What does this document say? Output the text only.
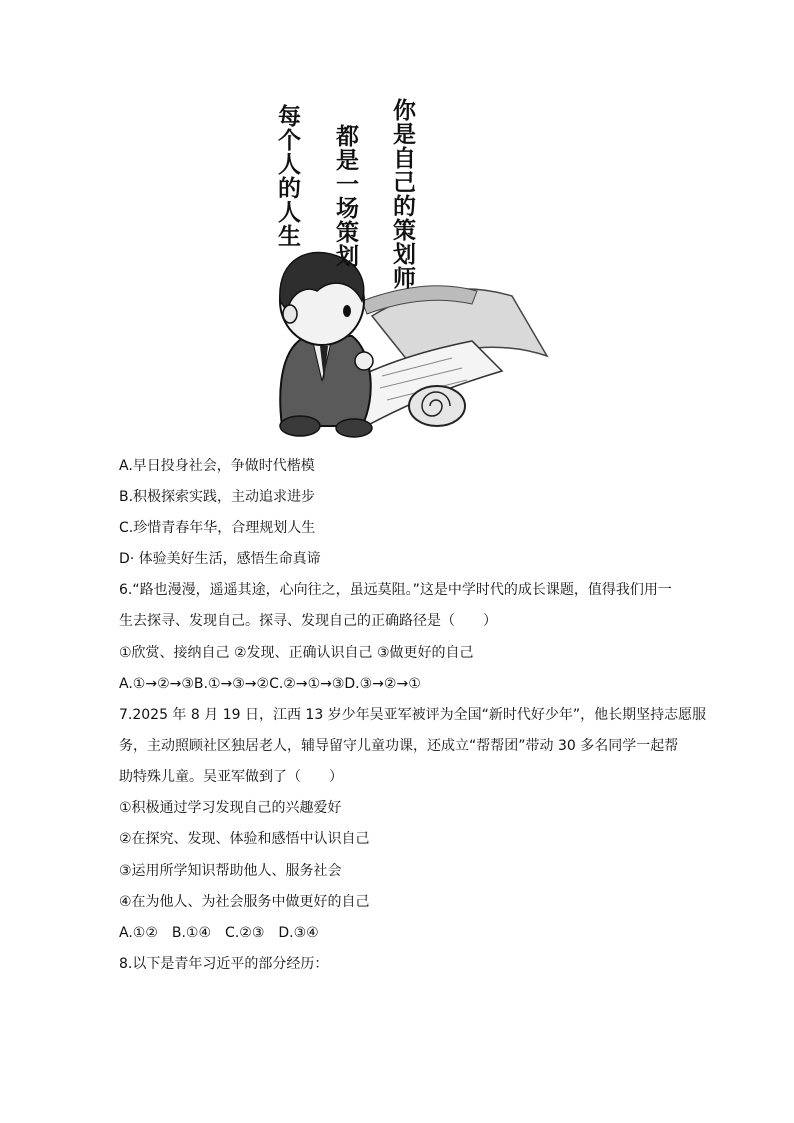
每个人的人生 都是一场策划 你是自己的策划师
A.早日投身社会，争做时代楷模
B.积极探索实践，主动追求进步
C.珍惜青春年华，合理规划人生
D· 体验美好生活，感悟生命真谛
6.“路也漫漫，遥遥其途，心向往之，虽远莫阻。”这是中学时代的成长课题，值得我们用一
生去探寻、发现自己。探寻、发现自己的正确路径是（　　）
①欣赏、接纳自己 ②发现、正确认识自己 ③做更好的自己
A.①→②→③B.①→③→②C.②→①→③D.③→②→①
7.2025 年 8 月 19 日，江西 13 岁少年吴亚军被评为全国“新时代好少年”，他长期坚持志愿服
务，主动照顾社区独居老人，辅导留守儿童功课，还成立“帮帮团”带动 30 多名同学一起帮
助特殊儿童。吴亚军做到了（　　）
①积极通过学习发现自己的兴趣爱好
②在探究、发现、体验和感悟中认识自己
③运用所学知识帮助他人、服务社会
④在为他人、为社会服务中做更好的自己
A.①②　B.①④　C.②③　D.③④
8.以下是青年习近平的部分经历：
